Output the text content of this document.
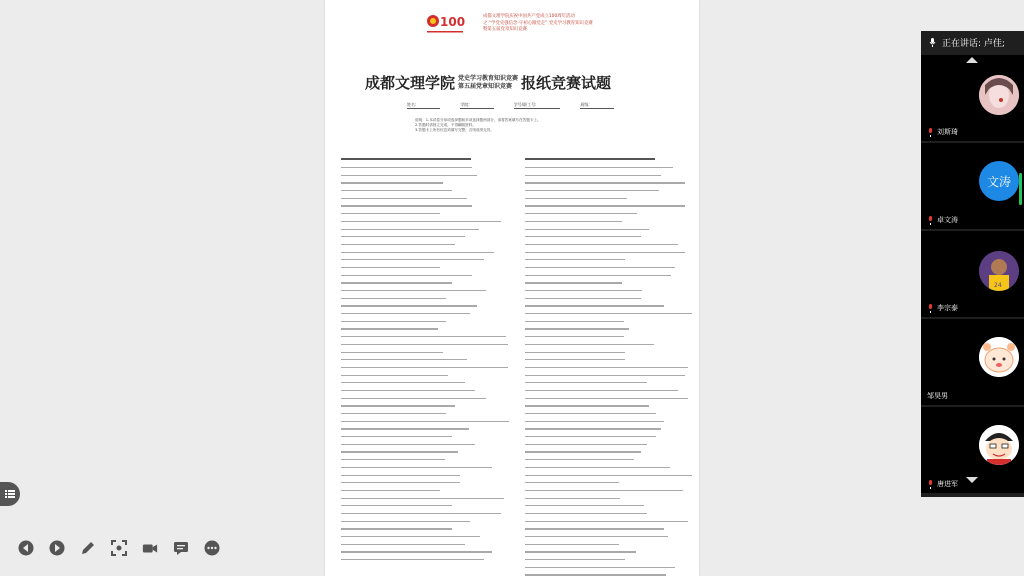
100	成都文理学院庆祝中国共产党成立100周年活动
之 “学党史强信念·守初心跟党走” 党史学习教育知识竞赛
暨第五届党章知识竞赛
成都文理学院 党史学习教育知识竞赛
第五届党章知识竞赛 报纸竞赛试题
姓名:	学院:	学号/职工号:	班级:
说明：1.本试卷分单项选择题和多项选择题两部分，请将答案填写在答题卡上。
2.答题时请独立完成，不得翻阅资料。
3.答题卡上所有信息须填写完整，否则成绩无效。
正在讲话: 卢佳;
刘斯琦
文涛
卓文涛
24
李宗泰
邹昊男
唐进军
